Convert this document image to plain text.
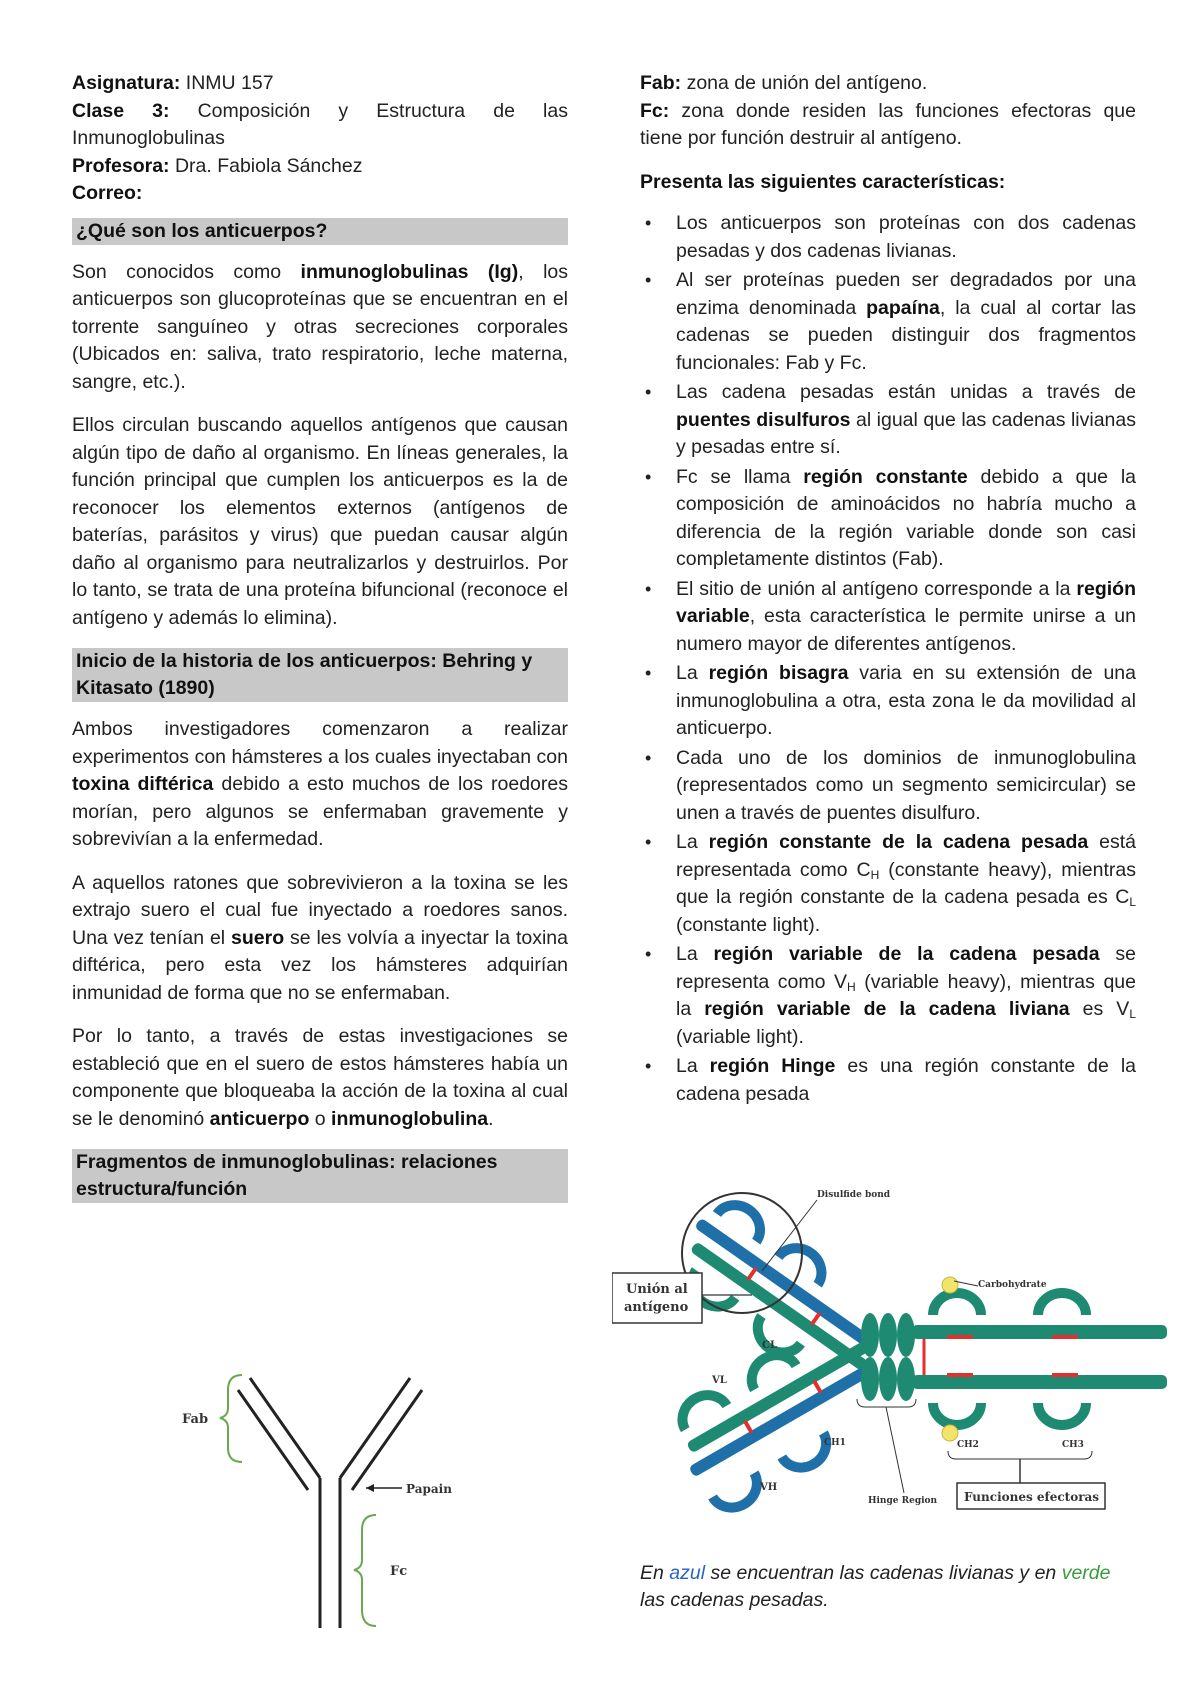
Asignatura: INMU 157

Clase 3: Composición y Estructura de las Inmunoglobulinas

Profesora: Dra. Fabiola Sánchez

Correo:

¿Qué son los anticuerpos?

Son conocidos como inmunoglobulinas (Ig), los anticuerpos son glucoproteínas que se encuentran en el torrente sanguíneo y otras secreciones corporales (Ubicados en: saliva, trato respiratorio, leche materna, sangre, etc.).

Ellos circulan buscando aquellos antígenos que causan algún tipo de daño al organismo. En líneas generales, la función principal que cumplen los anticuerpos es la de reconocer los elementos externos (antígenos de baterías, parásitos y virus) que puedan causar algún daño al organismo para neutralizarlos y destruirlos. Por lo tanto, se trata de una proteína bifuncional (reconoce el antígeno y además lo elimina).

Inicio de la historia de los anticuerpos: Behring y Kitasato (1890)

Ambos investigadores comenzaron a realizar experimentos con hámsteres a los cuales inyectaban con toxina diftérica debido a esto muchos de los roedores morían, pero algunos se enfermaban gravemente y sobrevivían a la enfermedad.

A aquellos ratones que sobrevivieron a la toxina se les extrajo suero el cual fue inyectado a roedores sanos. Una vez tenían el suero se les volvía a inyectar la toxina diftérica, pero esta vez los hámsteres adquirían inmunidad de forma que no se enfermaban.

Por lo tanto, a través de estas investigaciones se estableció que en el suero de estos hámsteres había un componente que bloqueaba la acción de la toxina al cual se le denominó anticuerpo o inmunoglobulina.

Fragmentos de inmunoglobulinas: relaciones estructura/función
Fab
Papain
Fc

Fab: zona de unión del antígeno.

Fc: zona donde residen las funciones efectoras que tiene por función destruir al antígeno.

Presenta las siguientes características:
• Los anticuerpos son proteínas con dos cadenas pesadas y dos cadenas livianas.
• Al ser proteínas pueden ser degradados por una enzima denominada papaína, la cual al cortar las cadenas se pueden distinguir dos fragmentos funcionales: Fab y Fc.
• Las cadena pesadas están unidas a través de puentes disulfuros al igual que las cadenas livianas y pesadas entre sí.
• Fc se llama región constante debido a que la composición de aminoácidos no habría mucho a diferencia de la región variable donde son casi completamente distintos (Fab).
• El sitio de unión al antígeno corresponde a la región variable, esta característica le permite unirse a un numero mayor de diferentes antígenos.
• La región bisagra varia en su extensión de una inmunoglobulina a otra, esta zona le da movilidad al anticuerpo.
• Cada uno de los dominios de inmunoglobulina (representados como un segmento semicircular) se unen a través de puentes disulfuro.
• La región constante de la cadena pesada está representada como $C_H$ (constante heavy), mientras que la región constante de la cadena pesada es $C_L$ (constante light).
• La región variable de la cadena pesada se representa como $V_H$ (variable heavy), mientras que la región variable de la cadena liviana es $V_L$ (variable light).
• La región Hinge es una región constante de la cadena pesada
Disulfide bond
Unión al
antígeno
Carbohydrate
CL
VL
CH1
VH
CH2	CH3
Hinge Region Funciones efectoras
En azul se encuentran las cadenas livianas y en verde las cadenas pesadas.
